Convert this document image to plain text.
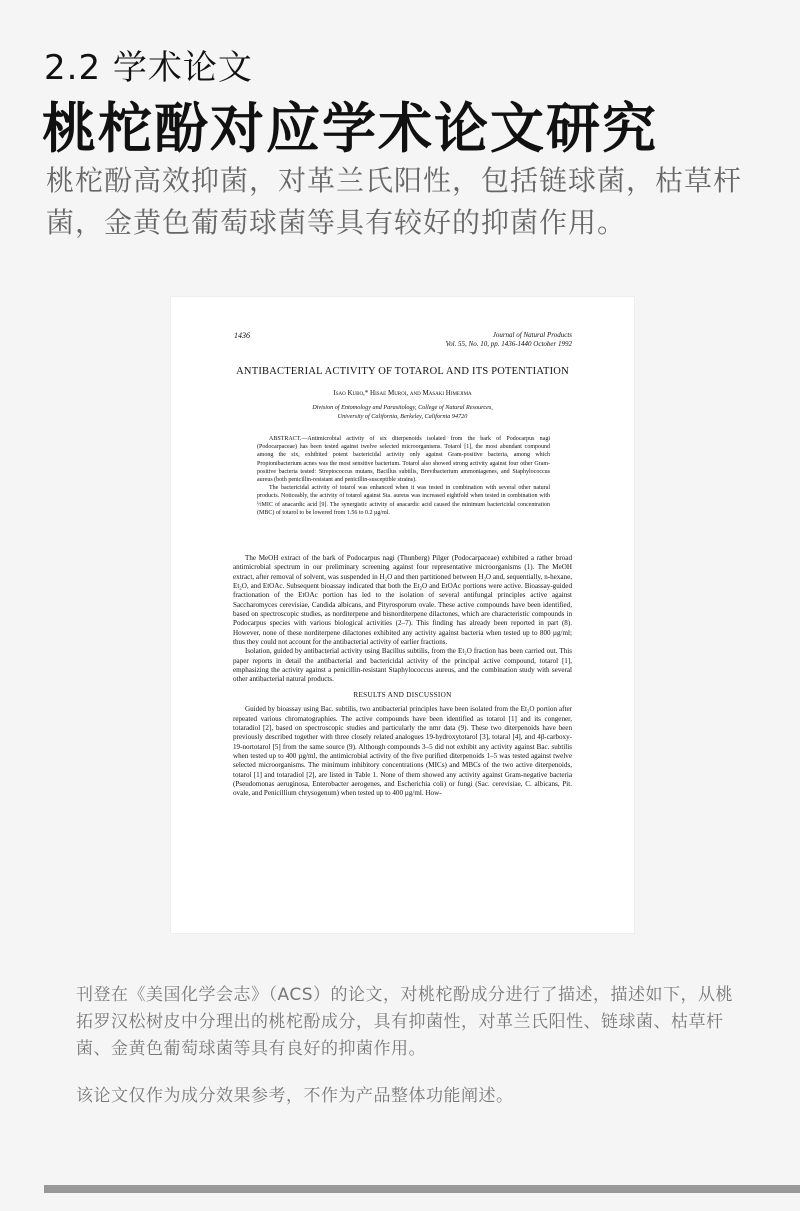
2.2 学术论文
桃柁酚对应学术论文研究

桃柁酚高效抑菌，对革兰氏阳性，包括链球菌，枯草杆菌，金黄色葡萄球菌等具有较好的抑菌作用。

1436	Journal of Natural Products
Vol. 55, No. 10, pp. 1436-1440 October 1992
ANTIBACTERIAL ACTIVITY OF TOTAROL AND ITS POTENTIATION
Isao Kubo,* Hisae Muroi, and Masaki Himejima
Division of Entomology and Parasitology, College of Natural Resources,
University of California, Berkeley, California 94720

ABSTRACT.—Antimicrobial activity of six diterpenoids isolated from the bark of Podocarpus nagi (Podocarpaceae) has been tested against twelve selected microorganisms. Totarol [1], the most abundant compound among the six, exhibited potent bactericidal activity only against Gram-positive bacteria, among which Propionibacterium acnes was the most sensitive bacterium. Totarol also showed strong activity against four other Gram-positive bacteria tested: Streptococcus mutans, Bacillus subtilis, Brevibacterium ammoniagenes, and Staphylococcus aureus (both penicillin-resistant and penicillin-susceptible strains).

The bactericidal activity of totarol was enhanced when it was tested in combination with several other natural products. Noticeably, the activity of totarol against Sta. aureus was increased eightfold when tested in combination with ½MIC of anacardic acid [9]. The synergistic activity of anacardic acid caused the minimum bactericidal concentration (MBC) of totarol to be lowered from 1.56 to 0.2 µg/ml.

The MeOH extract of the bark of Podocarpus nagi (Thunberg) Pilger (Podocarpaceae) exhibited a rather broad antimicrobial spectrum in our preliminary screening against four representative microorganisms (1). The MeOH extract, after removal of solvent, was suspended in H₂O and then partitioned between H₂O and, sequentially, n-hexane, Et₂O, and EtOAc. Subsequent bioassay indicated that both the Et₂O and EtOAc portions were active. Bioassay-guided fractionation of the EtOAc portion has led to the isolation of several antifungal principles active against Saccharomyces cerevisiae, Candida albicans, and Pityrosporum ovale. These active compounds have been identified, based on spectroscopic studies, as norditerpene and bisnorditerpene dilactones, which are characteristic compounds in Podocarpus species with various biological activities (2–7). This finding has already been reported in part (8). However, none of these norditerpene dilactones exhibited any activity against bacteria when tested up to 800 µg/ml; thus they could not account for the antibacterial activity of earlier fractions.

Isolation, guided by antibacterial activity using Bacillus subtilis, from the Et₂O fraction has been carried out. This paper reports in detail the antibacterial and bactericidal activity of the principal active compound, totarol [1], emphasizing the activity against a penicillin-resistant Staphylococcus aureus, and the combination study with several other antibacterial natural products.

RESULTS AND DISCUSSION

Guided by bioassay using Bac. subtilis, two antibacterial principles have been isolated from the Et₂O portion after repeated various chromatographies. The active compounds have been identified as totarol [1] and its congener, totaradiol [2], based on spectroscopic studies and particularly the nmr data (9). These two diterpenoids have been previously described together with three closely related analogues 19-hydroxytotarol [3], totaral [4], and 4β-carboxy-19-nortotarol [5] from the same source (9). Although compounds 3–5 did not exhibit any activity against Bac. subtilis when tested up to 400 µg/ml, the antimicrobial activity of the five purified diterpenoids 1–5 was tested against twelve selected microorganisms. The minimum inhibitory concentrations (MICs) and MBCs of the two active diterpenoids, totarol [1] and totaradiol [2], are listed in Table 1. None of them showed any activity against Gram-negative bacteria (Pseudomonas aeruginosa, Enterobacter aerogenes, and Escherichia coli) or fungi (Sac. cerevisiae, C. albicans, Pit. ovale, and Penicillium chrysogenum) when tested up to 400 µg/ml. How-

刊登在《美国化学会志》（ACS）的论文，对桃柁酚成分进行了描述，描述如下，从桃拓罗汉松树皮中分理出的桃柁酚成分，具有抑菌性，对革兰氏阳性、链球菌、枯草杆菌、金黄色葡萄球菌等具有良好的抑菌作用。

该论文仅作为成分效果参考，不作为产品整体功能阐述。
